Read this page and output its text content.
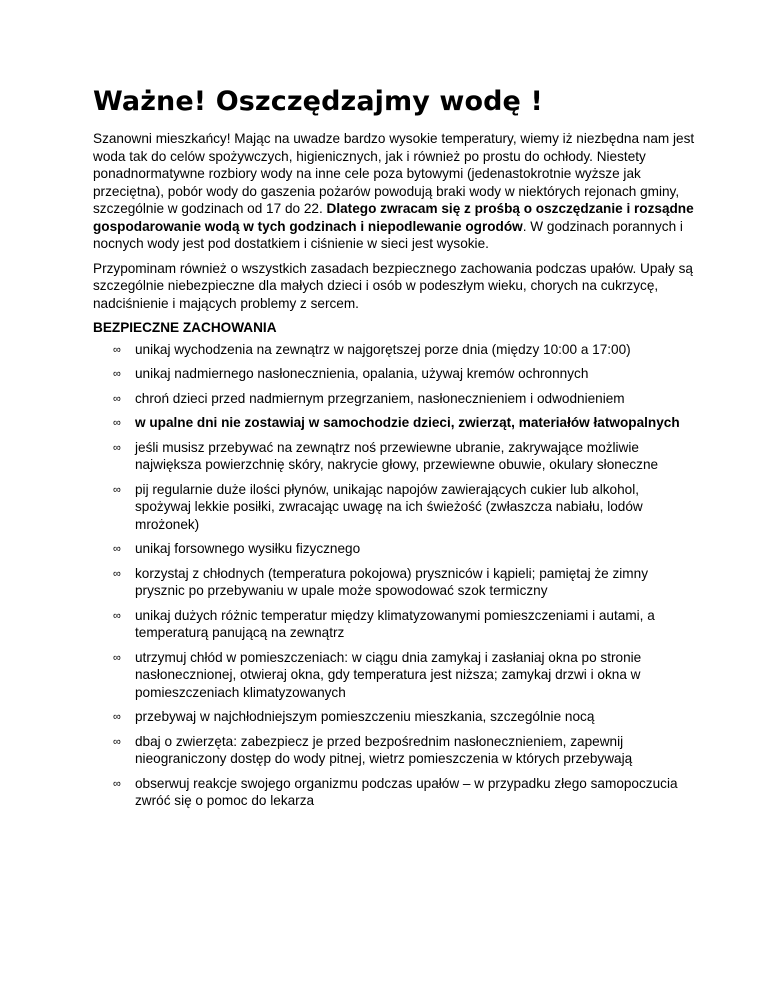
Ważne! Oszczędzajmy wodę !

Szanowni mieszkańcy! Mając na uwadze bardzo wysokie temperatury, wiemy iż niezbędna nam jest woda tak do celów spożywczych, higienicznych, jak i również po prostu do ochłody. Niestety ponadnormatywne rozbiory wody na inne cele poza bytowymi (jedenastokrotnie wyższe jak przeciętna), pobór wody do gaszenia pożarów powodują braki wody w niektórych rejonach gminy, szczególnie w godzinach od 17 do 22. Dlatego zwracam się z prośbą o oszczędzanie i rozsądne gospodarowanie wodą w tych godzinach i niepodlewanie ogrodów. W godzinach porannych i nocnych wody jest pod dostatkiem i ciśnienie w sieci jest wysokie.

Przypominam również o wszystkich zasadach bezpiecznego zachowania podczas upałów. Upały są szczególnie niebezpieczne dla małych dzieci i osób w podeszłym wieku, chorych na cukrzycę, nadciśnienie i mających problemy z sercem.

BEZPIECZNE ZACHOWANIA

∞ unikaj wychodzenia na zewnątrz w najgorętszej porze dnia (między 10:00 a 17:00)
∞ unikaj nadmiernego nasłonecznienia, opalania, używaj kremów ochronnych
∞ chroń dzieci przed nadmiernym przegrzaniem, nasłonecznieniem i odwodnieniem
∞ w upalne dni nie zostawiaj w samochodzie dzieci, zwierząt, materiałów łatwopalnych
∞ jeśli musisz przebywać na zewnątrz noś przewiewne ubranie, zakrywające możliwie największa powierzchnię skóry, nakrycie głowy, przewiewne obuwie, okulary słoneczne
∞ pij regularnie duże ilości płynów, unikając napojów zawierających cukier lub alkohol, spożywaj lekkie posiłki, zwracając uwagę na ich świeżość (zwłaszcza nabiału, lodów mrożonek)
∞ unikaj forsownego wysiłku fizycznego
∞ korzystaj z chłodnych (temperatura pokojowa) pryszniców i kąpieli; pamiętaj że zimny prysznic po przebywaniu w upale może spowodować szok termiczny
∞ unikaj dużych różnic temperatur między klimatyzowanymi pomieszczeniami i autami, a temperaturą panującą na zewnątrz
∞ utrzymuj chłód w pomieszczeniach: w ciągu dnia zamykaj i zasłaniaj okna po stronie nasłonecznionej, otwieraj okna, gdy temperatura jest niższa; zamykaj drzwi i okna w pomieszczeniach klimatyzowanych
∞ przebywaj w najchłodniejszym pomieszczeniu mieszkania, szczególnie nocą
∞ dbaj o zwierzęta: zabezpiecz je przed bezpośrednim nasłonecznieniem, zapewnij nieograniczony dostęp do wody pitnej, wietrz pomieszczenia w których przebywają
∞ obserwuj reakcje swojego organizmu podczas upałów – w przypadku złego samopoczucia zwróć się o pomoc do lekarza
